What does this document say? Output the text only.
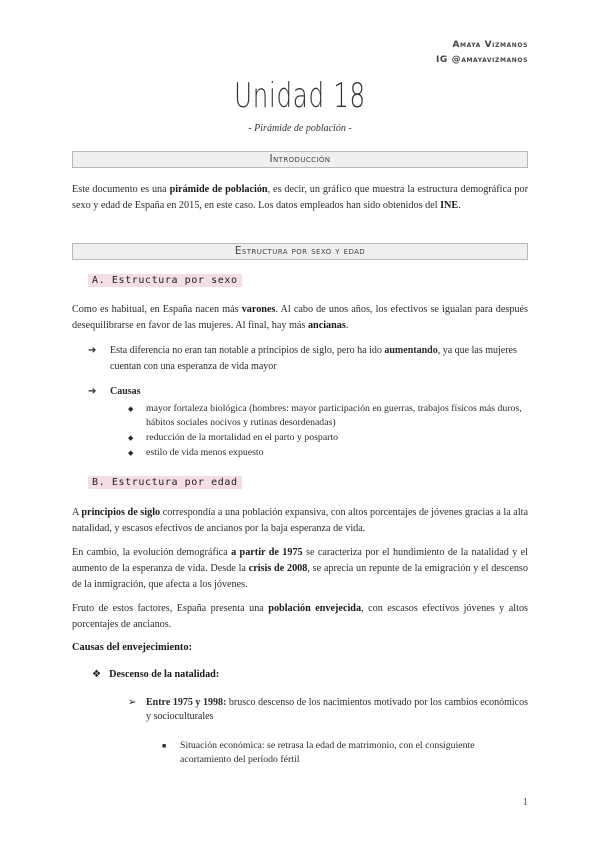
Amaya Vizmanos
IG @amayavizmanos
Unidad 18
- Pirámide de población -
Introducción
Este documento es una pirámide de población, es decir, un gráfico que muestra la estructura demográfica por sexo y edad de España en 2015, en este caso. Los datos empleados han sido obtenidos del INE.
Estructura por sexo y edad
A. Estructura por sexo
Como es habitual, en España nacen más varones. Al cabo de unos años, los efectivos se igualan para después desequilibrarse en favor de las mujeres. Al final, hay más ancianas.
➔ Esta diferencia no eran tan notable a principios de siglo, pero ha ido aumentando, ya que las mujeres cuentan con una esperanza de vida mayor
➔ Causas
◆ mayor fortaleza biológica (hombres: mayor participación en guerras, trabajos físicos más duros, hábitos sociales nocivos y rutinas desordenadas)
◆ reducción de la mortalidad en el parto y posparto
◆ estilo de vida menos expuesto
B. Estructura por edad
A principios de siglo correspondía a una población expansiva, con altos porcentajes de jóvenes gracias a la alta natalidad, y escasos efectivos de ancianos por la baja esperanza de vida.
En cambio, la evolución demográfica a partir de 1975 se caracteriza por el hundimiento de la natalidad y el aumento de la esperanza de vida. Desde la crisis de 2008, se aprecia un repunte de la emigración y el descenso de la inmigración, que afecta a los jóvenes.
Fruto de estos factores, España presenta una población envejecida, con escasos efectivos jóvenes y altos porcentajes de ancianos.
Causas del envejecimiento:
❖ Descenso de la natalidad:
➢ Entre 1975 y 1998: brusco descenso de los nacimientos motivado por los cambios económicos y socioculturales
■ Situación económica: se retrasa la edad de matrimonio, con el consiguiente acortamiento del período fértil
1
